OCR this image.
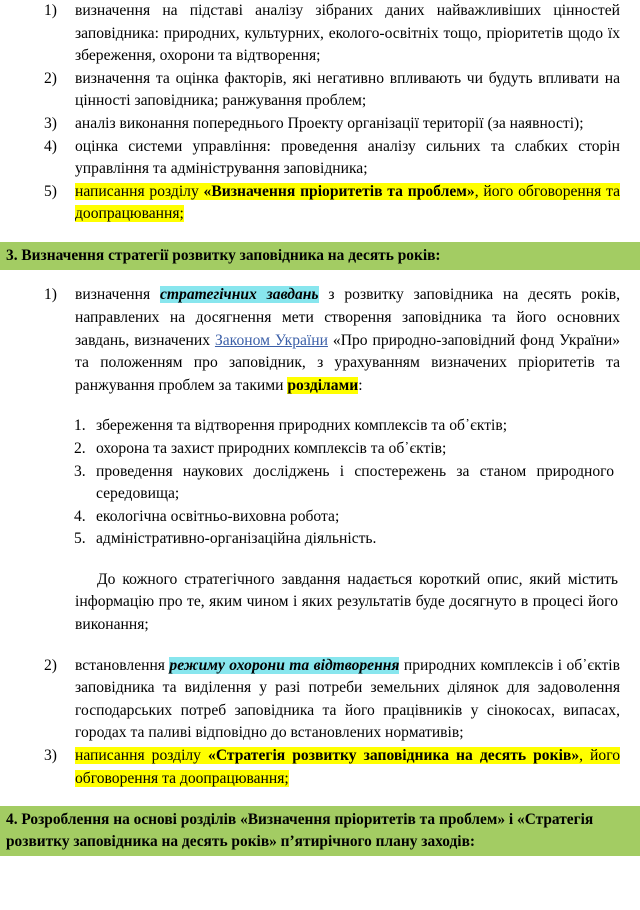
1)	визначення на підставі аналізу зібраних даних найважливіших цінностей заповідника: природних, культурних, еколого-освітніх тощо, пріоритетів щодо їх збереження, охорони та відтворення;
2)	визначення та оцінка факторів, які негативно впливають чи будуть впливати на цінності заповідника; ранжування проблем;
3)	аналіз виконання попереднього Проекту організації території (за наявності);
4)	оцінка системи управління: проведення аналізу сильних та слабких сторін управління та адміністрування заповідника;
5)	написання розділу «Визначення пріоритетів та проблем», його обговорення та доопрацювання;
3. Визначення стратегії розвитку заповідника на десять років:
1)	визначення стратегічних завдань з розвитку заповідника на десять років, направлених на досягнення мети створення заповідника та його основних завдань, визначених Законом України «Про природно-заповідний фонд України» та положенням про заповідник, з урахуванням визначених пріоритетів та ранжування проблем за такими розділами:
1. збереження та відтворення природних комплексів та об᾿єктів;
2. охорона та захист природних комплексів та об᾿єктів;
3. проведення наукових досліджень і спостережень за станом природного середовища;
4. екологічна освітньо-виховна робота;
5. адміністративно-організаційна діяльність.

До кожного стратегічного завдання надається короткий опис, який містить інформацію про те, яким чином і яких результатів буде досягнуто в процесі його виконання;

2)	встановлення режиму охорони та відтворення природних комплексів і об᾿єктів заповідника та виділення у разі потреби земельних ділянок для задоволення господарських потреб заповідника та його працівників у сінокосах, випасах, городах та паливі відповідно до встановлених нормативів;
3)	написання розділу «Стратегія розвитку заповідника на десять років», його обговорення та доопрацювання;
4. Розроблення на основі розділів «Визначення пріоритетів та проблем» і «Стратегія розвитку заповідника на десять років» п’ятирічного плану заходів:
